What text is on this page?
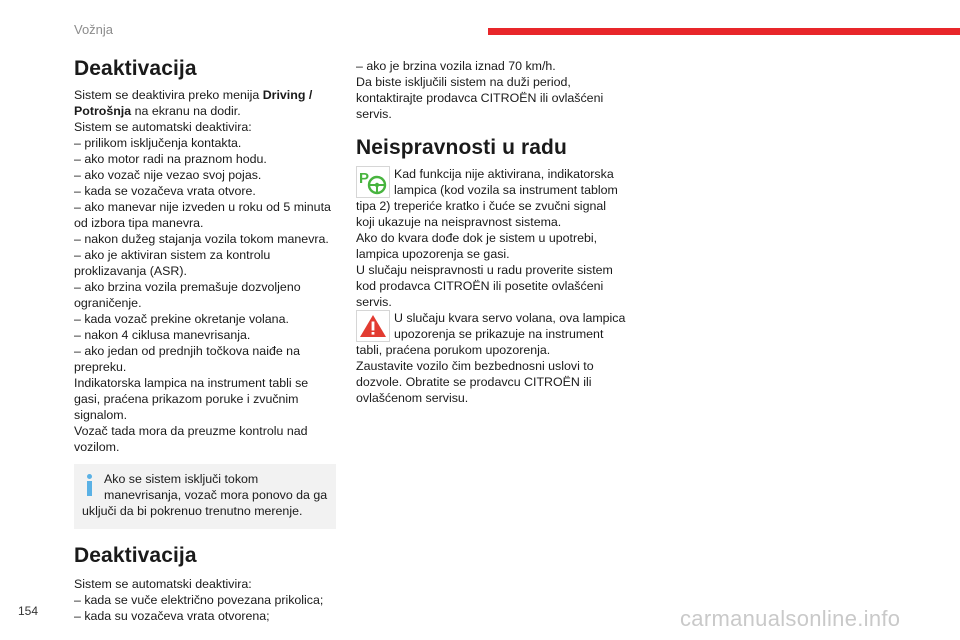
Vožnja
Deaktivacija

Sistem se deaktivira preko menija Driving / Potrošnja na ekranu na dodir.

Sistem se automatski deaktivira:

– prilikom isključenja kontakta.

– ako motor radi na praznom hodu.

– ako vozač nije vezao svoj pojas.

– kada se vozačeva vrata otvore.

– ako manevar nije izveden u roku od 5 minuta od izbora tipa manevra.

– nakon dužeg stajanja vozila tokom manevra.

– ako je aktiviran sistem za kontrolu proklizavanja (ASR).

– ako brzina vozila premašuje dozvoljeno ograničenje.

– kada vozač prekine okretanje volana.

– nakon 4 ciklusa manevrisanja.

– ako jedan od prednjih točkova naiđe na prepreku.

Indikatorska lampica na instrument tabli se gasi, praćena prikazom poruke i zvučnim signalom.

Vozač tada mora da preuzme kontrolu nad vozilom.

Ako se sistem isključi tokom manevrisanja, vozač mora ponovo da ga uključi da bi pokrenuo trenutno merenje.
Deaktivacija

Sistem se automatski deaktivira:

– kada se vuče električno povezana prikolica;

– kada su vozačeva vrata otvorena;

– ako je brzina vozila iznad 70 km/h.

Da biste isključili sistem na duži period, kontaktirajte prodavca CITROËN ili ovlašćeni servis.

Neispravnosti u radu
P	Kad funkcija nije aktivirana, indikatorska lampica (kod vozila sa instrument tablom tipa 2) treperiće kratko i čuće se zvučni signal koji ukazuje na neispravnost sistema.

Ako do kvara dođe dok je sistem u upotrebi, lampica upozorenja se gasi.

U slučaju neispravnosti u radu proverite sistem kod prodavca CITROËN ili posetite ovlašćeni servis.

U slučaju kvara servo volana, ova lampica upozorenja se prikazuje na instrument tabli, praćena porukom upozorenja.

Zaustavite vozilo čim bezbednosni uslovi to dozvole. Obratite se prodavcu CITROËN ili ovlašćenom servisu.

154	carmanualsonline.info
